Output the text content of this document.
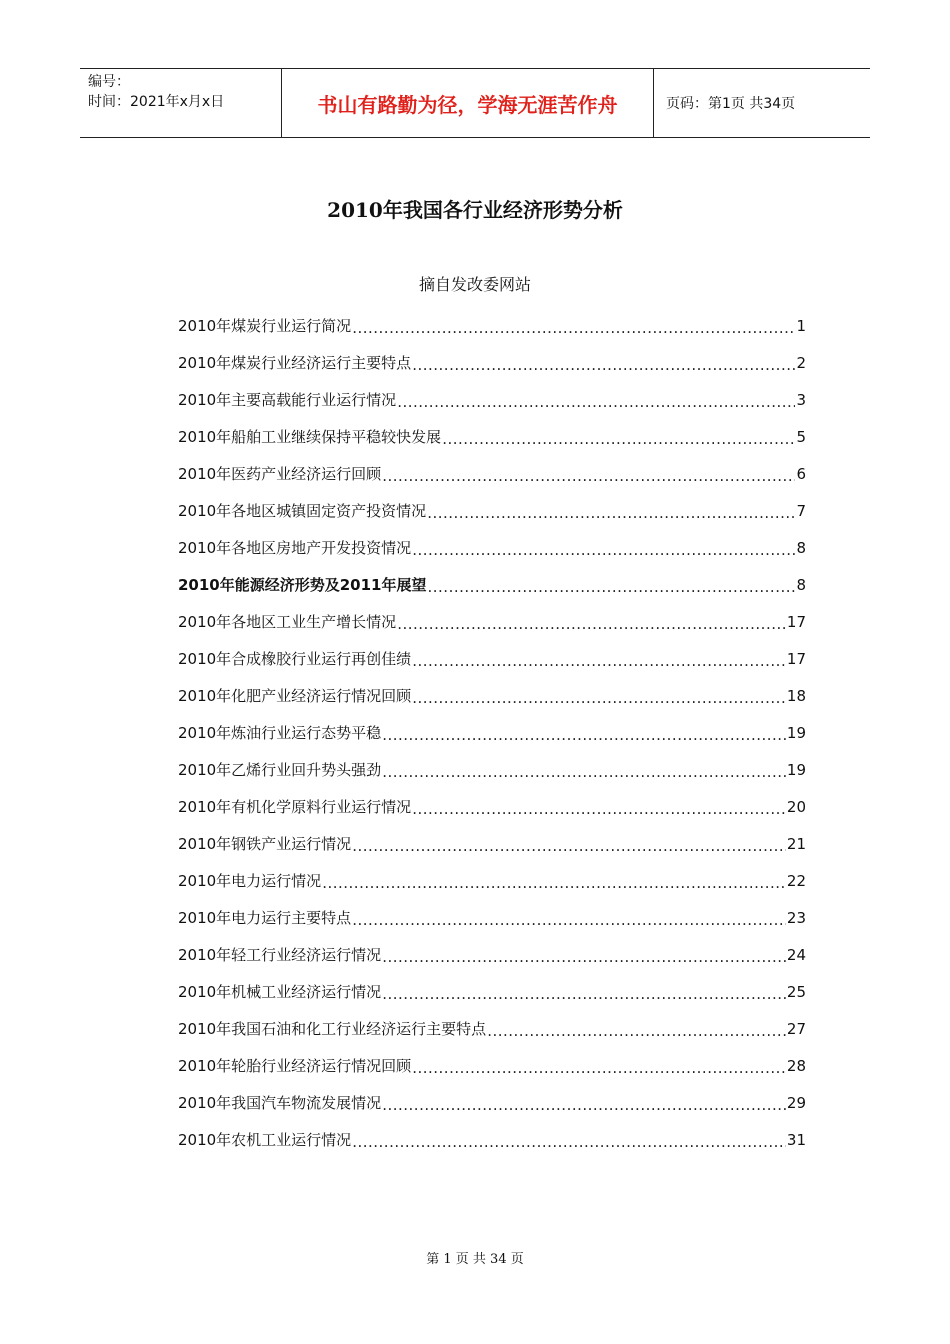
编号：
时间：2021年x月x日	书山有路勤为径，学海无涯苦作舟	页码：第1页 共34页
2010年我国各行业经济形势分析
摘自发改委网站
2010年煤炭行业运行简况 .....	1
2010年煤炭行业经济运行主要特点 .....	2
2010年主要高载能行业运行情况 .....	3
2010年船舶工业继续保持平稳较快发展 .....	5
2010年医药产业经济运行回顾 .....	6
2010年各地区城镇固定资产投资情况 .....	7
2010年各地区房地产开发投资情况 .....	8
2010年能源经济形势及2011年展望 .....	8
2010年各地区工业生产增长情况 .....	17
2010年合成橡胶行业运行再创佳绩 .....	17
2010年化肥产业经济运行情况回顾 .....	18
2010年炼油行业运行态势平稳 .....	19
2010年乙烯行业回升势头强劲 .....	19
2010年有机化学原料行业运行情况 .....	20
2010年钢铁产业运行情况 .....	21
2010年电力运行情况 .....	22
2010年电力运行主要特点 .....	23
2010年轻工行业经济运行情况 .....	24
2010年机械工业经济运行情况 .....	25
2010年我国石油和化工行业经济运行主要特点 .....	27
2010年轮胎行业经济运行情况回顾 .....	28
2010年我国汽车物流发展情况 .....	29
2010年农机工业运行情况 .....	31
第 1 页 共 34 页
